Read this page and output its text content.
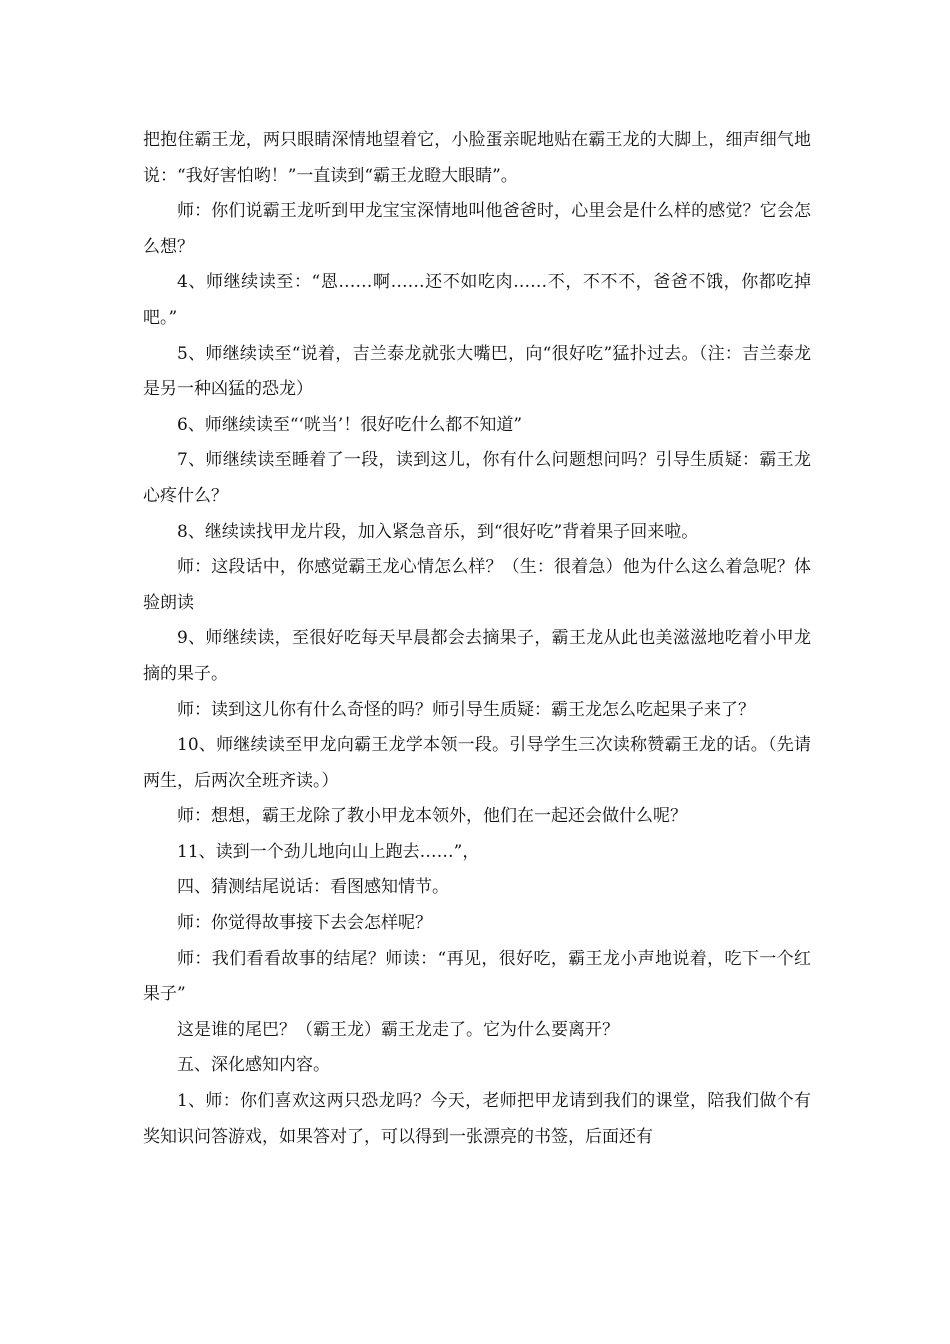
把抱住霸王龙，两只眼睛深情地望着它，小脸蛋亲昵地贴在霸王龙的大脚上，细声细气地说：“我好害怕哟！”一直读到“霸王龙瞪大眼睛”。

师：你们说霸王龙听到甲龙宝宝深情地叫他爸爸时，心里会是什么样的感觉？它会怎么想？

4、师继续读至：“恩……啊……还不如吃肉……不，不不不，爸爸不饿，你都吃掉吧。”

5、师继续读至“说着，吉兰泰龙就张大嘴巴，向“很好吃”猛扑过去。（注：吉兰泰龙是另一种凶猛的恐龙）

6、师继续读至“‘咣当’！很好吃什么都不知道”

7、师继续读至睡着了一段，读到这儿，你有什么问题想问吗？引导生质疑：霸王龙心疼什么？

8、继续读找甲龙片段，加入紧急音乐，到“很好吃”背着果子回来啦。

师：这段话中，你感觉霸王龙心情怎么样？（生：很着急）他为什么这么着急呢？体验朗读

9、师继续读，至很好吃每天早晨都会去摘果子，霸王龙从此也美滋滋地吃着小甲龙摘的果子。

师：读到这儿你有什么奇怪的吗？师引导生质疑：霸王龙怎么吃起果子来了？

10、师继续读至甲龙向霸王龙学本领一段。引导学生三次读称赞霸王龙的话。（先请两生，后两次全班齐读。）

师：想想，霸王龙除了教小甲龙本领外，他们在一起还会做什么呢？

11、读到一个劲儿地向山上跑去……”，

四、猜测结尾说话：看图感知情节。

师：你觉得故事接下去会怎样呢？

师：我们看看故事的结尾？师读：“再见，很好吃，霸王龙小声地说着，吃下一个红果子”

这是谁的尾巴？（霸王龙）霸王龙走了。它为什么要离开？

五、深化感知内容。

1、师：你们喜欢这两只恐龙吗？今天，老师把甲龙请到我们的课堂，陪我们做个有奖知识问答游戏，如果答对了，可以得到一张漂亮的书签，后面还有
